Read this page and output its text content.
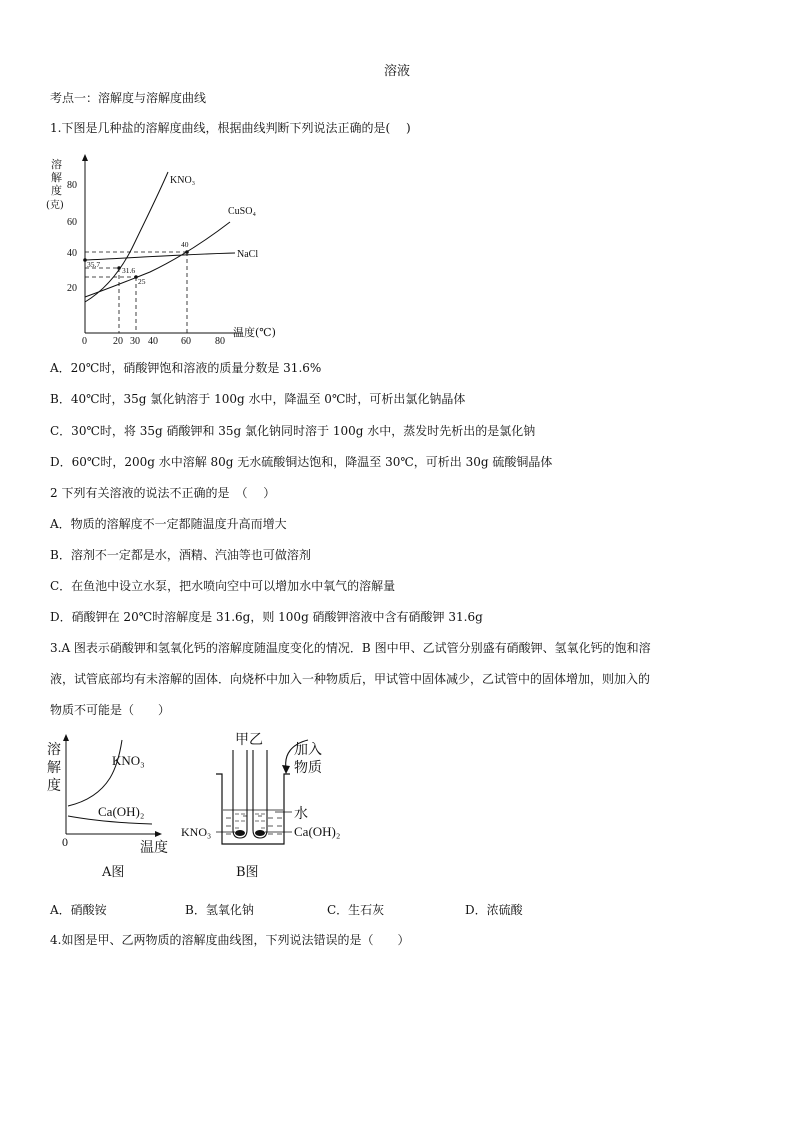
溶液
考点一：溶解度与溶解度曲线
1.下图是几种盐的溶解度曲线，根据曲线判断下列说法正确的是(　 )
溶
解
度
(克)
20
40
60
80
0	20 30 40 60 80
温度(℃)
35.7
31.6
25
40
KNO₃
CuSO₄
NaCl
A．20℃时，硝酸钾饱和溶液的质量分数是 31.6%
B．40℃时，35g 氯化钠溶于 100g 水中，降温至 0℃时，可析出氯化钠晶体
C．30℃时，将 35g 硝酸钾和 35g 氯化钠同时溶于 100g 水中，蒸发时先析出的是氯化钠
D．60℃时，200g 水中溶解 80g 无水硫酸铜达饱和，降温至 30℃，可析出 30g 硫酸铜晶体
2 下列有关溶液的说法不正确的是　（　 ）
A．物质的溶解度不一定都随温度升高而增大
B．溶剂不一定都是水，酒精、汽油等也可做溶剂
C．在鱼池中设立水泵，把水喷向空中可以增加水中氧气的溶解量
D．硝酸钾在 20℃时溶解度是 31.6g，则 100g 硝酸钾溶液中含有硝酸钾 31.6g
3.A 图表示硝酸钾和氢氧化钙的溶解度随温度变化的情况．B 图中甲、乙试管分别盛有硝酸钾、氢氧化钙的饱和溶
液，试管底部均有未溶解的固体．向烧杯中加入一种物质后，甲试管中固体减少，乙试管中的固体增加，则加入的
物质不可能是（　　）
溶
解
度
0	温度
KNO₃
Ca(OH)₂
A图
甲乙
加入
物质
水
KNO₃	Ca(OH)₂
B图
A．硝酸铵	B．氢氧化钠	C．生石灰	D．浓硫酸
4.如图是甲、乙两物质的溶解度曲线图，下列说法错误的是（　　）
